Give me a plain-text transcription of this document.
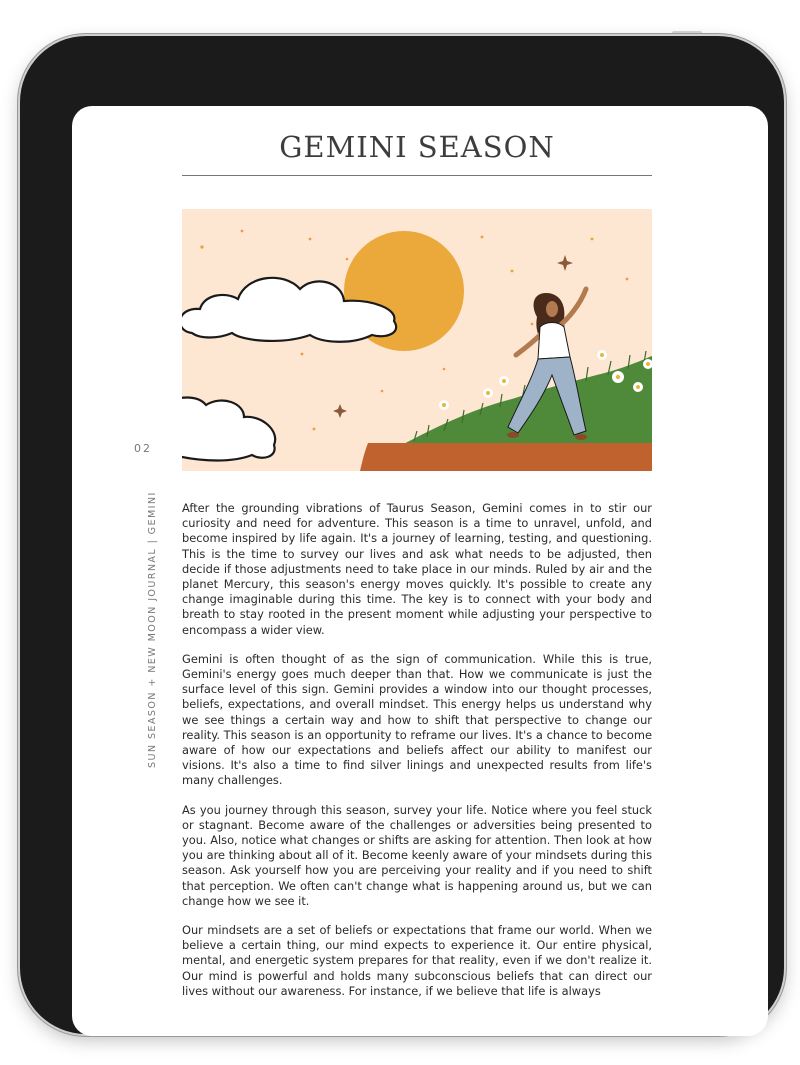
GEMINI SEASON
02
SUN SEASON + NEW MOON JOURNAL | GEMINI After the grounding vibrations of Taurus Season, Gemini comes in to stir our curiosity and need for adventure. This season is a time to unravel, unfold, and become inspired by life again. It's a journey of learning, testing, and questioning. This is the time to survey our lives and ask what needs to be adjusted, then decide if those adjustments need to take place in our minds. Ruled by air and the planet Mercury, this season's energy moves quickly. It's possible to create any change imaginable during this time. The key is to connect with your body and breath to stay rooted in the present moment while adjusting your perspective to encompass a wider view.

Gemini is often thought of as the sign of communication. While this is true, Gemini's energy goes much deeper than that. How we communicate is just the surface level of this sign. Gemini provides a window into our thought processes, beliefs, expectations, and overall mindset. This energy helps us understand why we see things a certain way and how to shift that perspective to change our reality. This season is an opportunity to reframe our lives. It's a chance to become aware of how our expectations and beliefs affect our ability to manifest our visions. It's also a time to find silver linings and unexpected results from life's many challenges.

As you journey through this season, survey your life. Notice where you feel stuck or stagnant. Become aware of the challenges or adversities being presented to you. Also, notice what changes or shifts are asking for attention. Then look at how you are thinking about all of it. Become keenly aware of your mindsets during this season. Ask yourself how you are perceiving your reality and if you need to shift that perception. We often can't change what is happening around us, but we can change how we see it.

Our mindsets are a set of beliefs or expectations that frame our world. When we believe a certain thing, our mind expects to experience it. Our entire physical, mental, and energetic system prepares for that reality, even if we don't realize it. Our mind is powerful and holds many subconscious beliefs that can direct our lives without our awareness. For instance, if we believe that life is always
